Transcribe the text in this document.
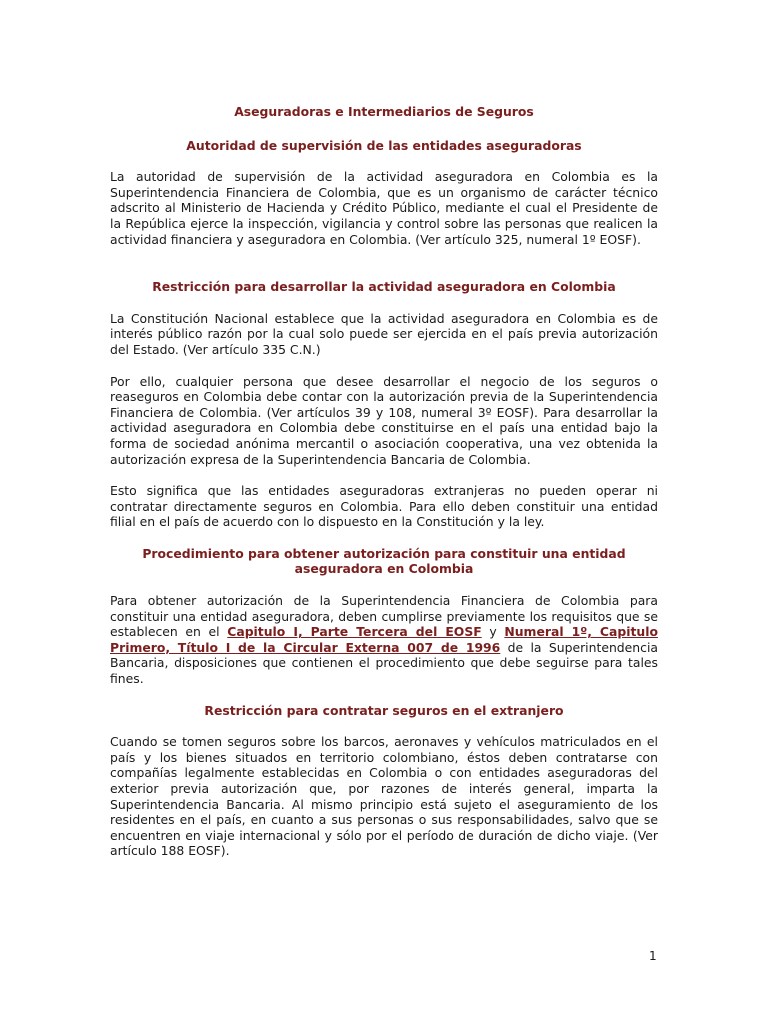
Aseguradoras e Intermediarios de Seguros
Autoridad de supervisión de las entidades aseguradoras

La autoridad de supervisión de la actividad aseguradora en Colombia es la Superintendencia Financiera de Colombia, que es un organismo de carácter técnico adscrito al Ministerio de Hacienda y Crédito Público, mediante el cual el Presidente de la República ejerce la inspección, vigilancia y control sobre las personas que realicen la actividad financiera y aseguradora en Colombia. (Ver artículo 325, numeral 1º EOSF).

Restricción para desarrollar la actividad aseguradora en Colombia

La Constitución Nacional establece que la actividad aseguradora en Colombia es de interés público razón por la cual solo puede ser ejercida en el país previa autorización del Estado. (Ver artículo 335 C.N.)

Por ello, cualquier persona que desee desarrollar el negocio de los seguros o reaseguros en Colombia debe contar con la autorización previa de la Superintendencia Financiera de Colombia. (Ver artículos 39 y 108, numeral 3º EOSF). Para desarrollar la actividad aseguradora en Colombia debe constituirse en el país una entidad bajo la forma de sociedad anónima mercantil o asociación cooperativa, una vez obtenida la autorización expresa de la Superintendencia Bancaria de Colombia.

Esto significa que las entidades aseguradoras extranjeras no pueden operar ni contratar directamente seguros en Colombia. Para ello deben constituir una entidad filial en el país de acuerdo con lo dispuesto en la Constitución y la ley.

Procedimiento para obtener autorización para constituir una entidad aseguradora en Colombia

Para obtener autorización de la Superintendencia Financiera de Colombia para constituir una entidad aseguradora, deben cumplirse previamente los requisitos que se establecen en el Capitulo I, Parte Tercera del EOSF y Numeral 1º, Capitulo Primero, Título I de la Circular Externa 007 de 1996 de la Superintendencia Bancaria, disposiciones que contienen el procedimiento que debe seguirse para tales fines.

Restricción para contratar seguros en el extranjero

Cuando se tomen seguros sobre los barcos, aeronaves y vehículos matriculados en el país y los bienes situados en territorio colombiano, éstos deben contratarse con compañías legalmente establecidas en Colombia o con entidades aseguradoras del exterior previa autorización que, por razones de interés general, imparta la Superintendencia Bancaria. Al mismo principio está sujeto el aseguramiento de los residentes en el país, en cuanto a sus personas o sus responsabilidades, salvo que se encuentren en viaje internacional y sólo por el período de duración de dicho viaje. (Ver artículo 188 EOSF).

1
